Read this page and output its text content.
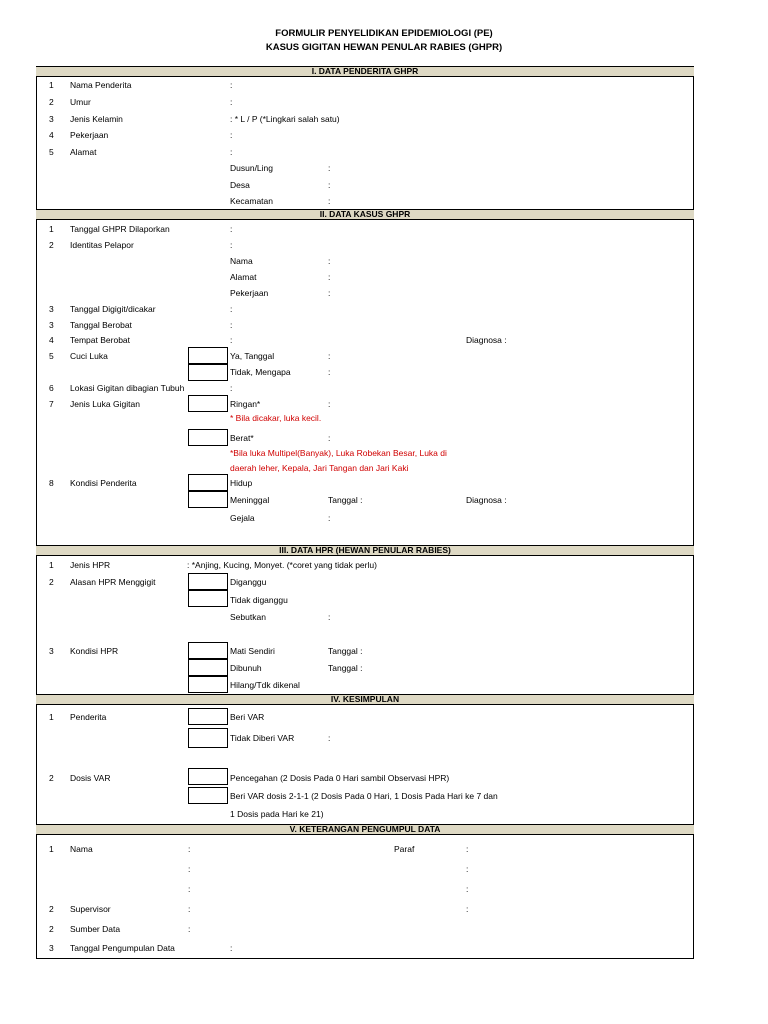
FORMULIR PENYELIDIKAN EPIDEMIOLOGI (PE)
KASUS GIGITAN HEWAN PENULAR RABIES (GHPR)
I. DATA PENDERITA GHPR
1 Nama Penderita	:
2 Umur	:
3 Jenis Kelamin	: * L / P (*Lingkari salah satu)
4 Pekerjaan	:
5 Alamat	:
Dusun/Ling	:
Desa	:
Kecamatan	:
II. DATA KASUS GHPR
1 Tanggal GHPR Dilaporkan	:
2 Identitas Pelapor	:
Nama	:
Alamat	:
Pekerjaan	:
3 Tanggal Digigit/dicakar	:
3 Tanggal Berobat	:
4 Tempat Berobat	:	Diagnosa :
5 Cuci Luka	Ya, Tanggal	:
Tidak, Mengapa	:
6 Lokasi Gigitan dibagian Tubuh	:
7 Jenis Luka Gigitan	Ringan*	:
* Bila dicakar, luka kecil.
Berat*	:
*Bila luka Multipel(Banyak), Luka Robekan Besar, Luka di
daerah leher, Kepala, Jari Tangan dan Jari Kaki
8 Kondisi Penderita	Hidup
Meninggal	Tanggal :	Diagnosa :
Gejala	:
III. DATA HPR (HEWAN PENULAR RABIES)
1 Jenis HPR	: *Anjing, Kucing, Monyet. (*coret yang tidak perlu)
2 Alasan HPR Menggigit	Diganggu
Tidak diganggu
Sebutkan	:
3 Kondisi HPR	Mati Sendiri	Tanggal :
Dibunuh	Tanggal :
Hilang/Tdk dikenal
IV. KESIMPULAN
1 Penderita	Beri VAR
Tidak Diberi VAR	:
2 Dosis VAR	Pencegahan (2 Dosis Pada 0 Hari sambil Observasi HPR)
Beri VAR dosis 2-1-1 (2 Dosis Pada 0 Hari, 1 Dosis Pada Hari ke 7 dan
1 Dosis pada Hari ke 21)
V. KETERANGAN PENGUMPUL DATA
1 Nama	:	Paraf	:
:	:
:	:
2 Supervisor	:	:
2 Sumber Data	:
3 Tanggal Pengumpulan Data	:
